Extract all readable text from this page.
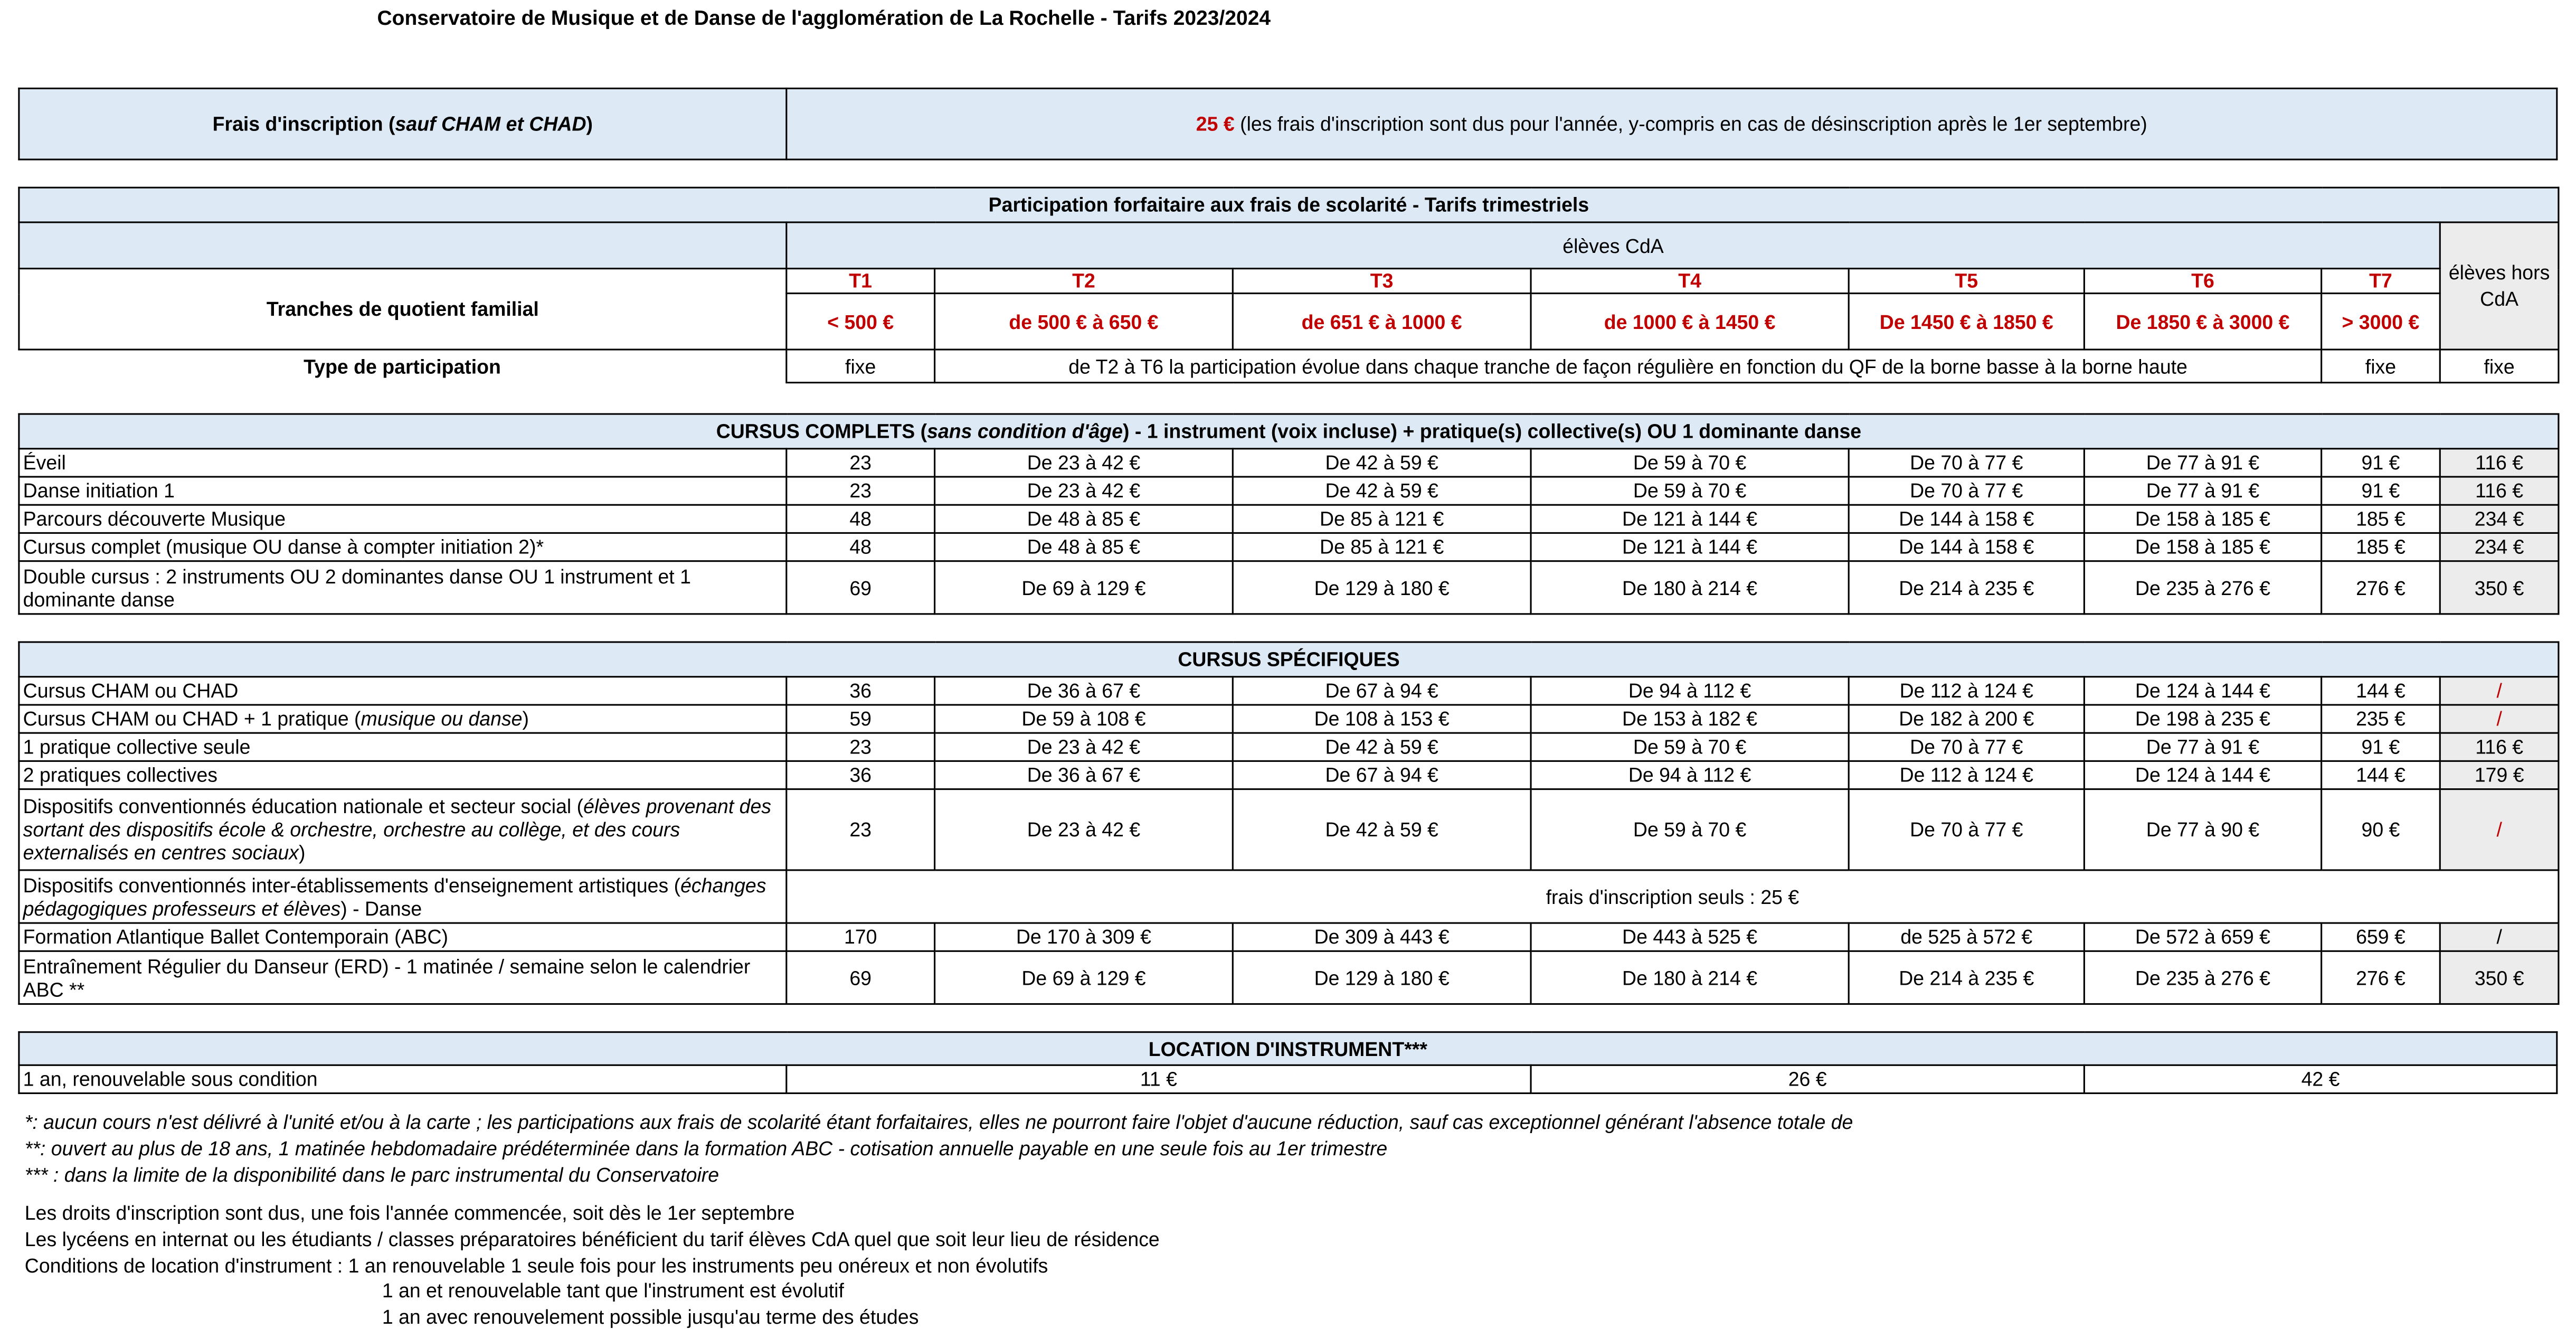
Conservatoire de Musique et de Danse de l'agglomération de La Rochelle - Tarifs 2023/2024
Frais d'inscription (sauf CHAM et CHAD)	25 € (les frais d'inscription sont dus pour l'année, y-compris en cas de désinscription après le 1er septembre)
Participation forfaitaire aux frais de scolarité - Tarifs trimestriels								
	élèves CdA							élèves hors CdA
Tranches de quotient familial	T1	T2	T3	T4	T5	T6	T7	
	< 500 €	de 500 € à 650 €	de 651 € à 1000 €	de 1000 € à 1450 €	De 1450 € à 1850 €	De 1850 € à 3000 €	> 3000 €	
Type de participation	fixe	de T2 à T6 la participation évolue dans chaque tranche de façon régulière en fonction du QF de la borne basse à la borne haute					fixe	fixe
CURSUS COMPLETS (sans condition d'âge) - 1 instrument (voix incluse) + pratique(s) collective(s) OU 1 dominante danse								
Éveil	23	De 23 à 42 €	De 42 à 59 €	De 59 à 70 €	De 70 à 77 €	De 77 à 91 €	91 €	116 €
Danse initiation 1	23	De 23 à 42 €	De 42 à 59 €	De 59 à 70 €	De 70 à 77 €	De 77 à 91 €	91 €	116 €
Parcours découverte Musique	48	De 48 à 85 €	De 85 à 121 €	De 121 à 144 €	De 144 à 158 €	De 158 à 185 €	185 €	234 €
Cursus complet (musique OU danse à compter initiation 2)*	48	De 48 à 85 €	De 85 à 121 €	De 121 à 144 €	De 144 à 158 €	De 158 à 185 €	185 €	234 €
Double cursus : 2 instruments OU 2 dominantes danse OU 1 instrument et 1 dominante danse	69	De 69 à 129 €	De 129 à 180 €	De 180 à 214 €	De 214 à 235 €	De 235 à 276 €	276 €	350 €
CURSUS SPÉCIFIQUES								
Cursus CHAM ou CHAD	36	De 36 à 67 €	De 67 à 94 €	De 94 à 112 €	De 112 à 124 €	De 124 à 144 €	144 €	/
Cursus CHAM ou CHAD + 1 pratique (musique ou danse)	59	De 59 à 108 €	De 108 à 153 €	De 153 à 182 €	De 182 à 200 €	De 198 à 235 €	235 €	/
1 pratique collective seule	23	De 23 à 42 €	De 42 à 59 €	De 59 à 70 €	De 70 à 77 €	De 77 à 91 €	91 €	116 €
2 pratiques collectives	36	De 36 à 67 €	De 67 à 94 €	De 94 à 112 €	De 112 à 124 €	De 124 à 144 €	144 €	179 €
Dispositifs conventionnés éducation nationale et secteur social (élèves provenant des sortant des dispositifs école & orchestre, orchestre au collège, et des cours externalisés en centres sociaux)	23	De 23 à 42 €	De 42 à 59 €	De 59 à 70 €	De 70 à 77 €	De 77 à 90 €	90 €	/
Dispositifs conventionnés inter-établissements d'enseignement artistiques (échanges pédagogiques professeurs et élèves) - Danse	frais d'inscription seuls : 25 €							
Formation Atlantique Ballet Contemporain (ABC)	170	De 170 à 309 €	De 309 à 443 €	De 443 à 525 €	de 525 à 572 €	De 572 à 659 €	659 €	/
Entraînement Régulier du Danseur (ERD) - 1 matinée / semaine selon le calendrier ABC **	69	De 69 à 129 €	De 129 à 180 €	De 180 à 214 €	De 214 à 235 €	De 235 à 276 €	276 €	350 €
LOCATION D'INSTRUMENT***
1 an, renouvelable sous condition	11 €	26 €	42 €
*: aucun cours n'est délivré à l'unité et/ou à la carte ; les participations aux frais de scolarité étant forfaitaires, elles ne pourront faire l'objet d'aucune réduction, sauf cas exceptionnel générant l'absence totale de
**: ouvert au plus de 18 ans, 1 matinée hebdomadaire prédéterminée dans la formation ABC - cotisation annuelle payable en une seule fois au 1er trimestre
*** : dans la limite de la disponibilité dans le parc instrumental du Conservatoire
Les droits d'inscription sont dus, une fois l'année commencée, soit dès le 1er septembre
Les lycéens en internat ou les étudiants / classes préparatoires bénéficient du tarif élèves CdA quel que soit leur lieu de résidence
Conditions de location d'instrument : 1 an renouvelable 1 seule fois pour les instruments peu onéreux et non évolutifs
1 an et renouvelable tant que l'instrument est évolutif
1 an avec renouvelement possible jusqu'au terme des études
